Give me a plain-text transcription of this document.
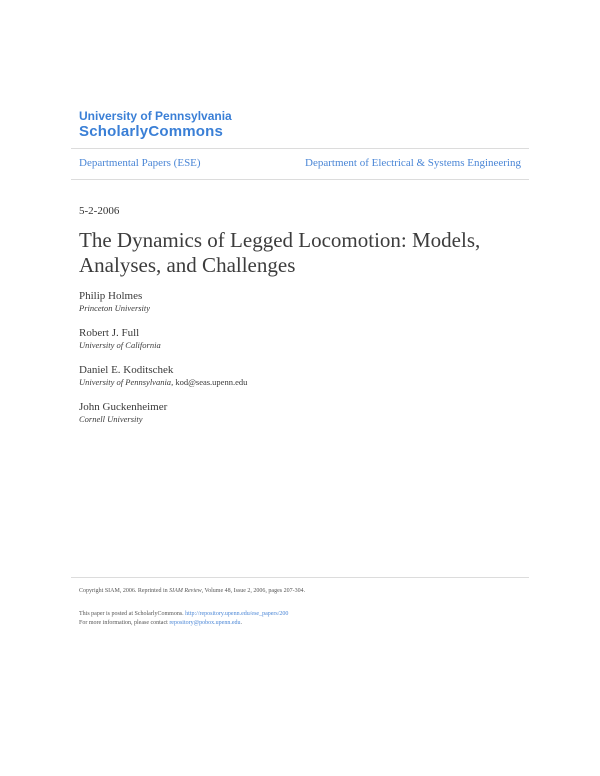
University of Pennsylvania
ScholarlyCommons
Departmental Papers (ESE)	Department of Electrical & Systems Engineering
5-2-2006
The Dynamics of Legged Locomotion: Models, Analyses, and Challenges
Philip Holmes
Princeton University
Robert J. Full
University of California
Daniel E. Koditschek
University of Pennsylvania, kod@seas.upenn.edu
John Guckenheimer
Cornell University
Copyright SIAM, 2006. Reprinted in SIAM Review, Volume 48, Issue 2, 2006, pages 207-304.
This paper is posted at ScholarlyCommons. http://repository.upenn.edu/ese_papers/200
For more information, please contact repository@pobox.upenn.edu.
